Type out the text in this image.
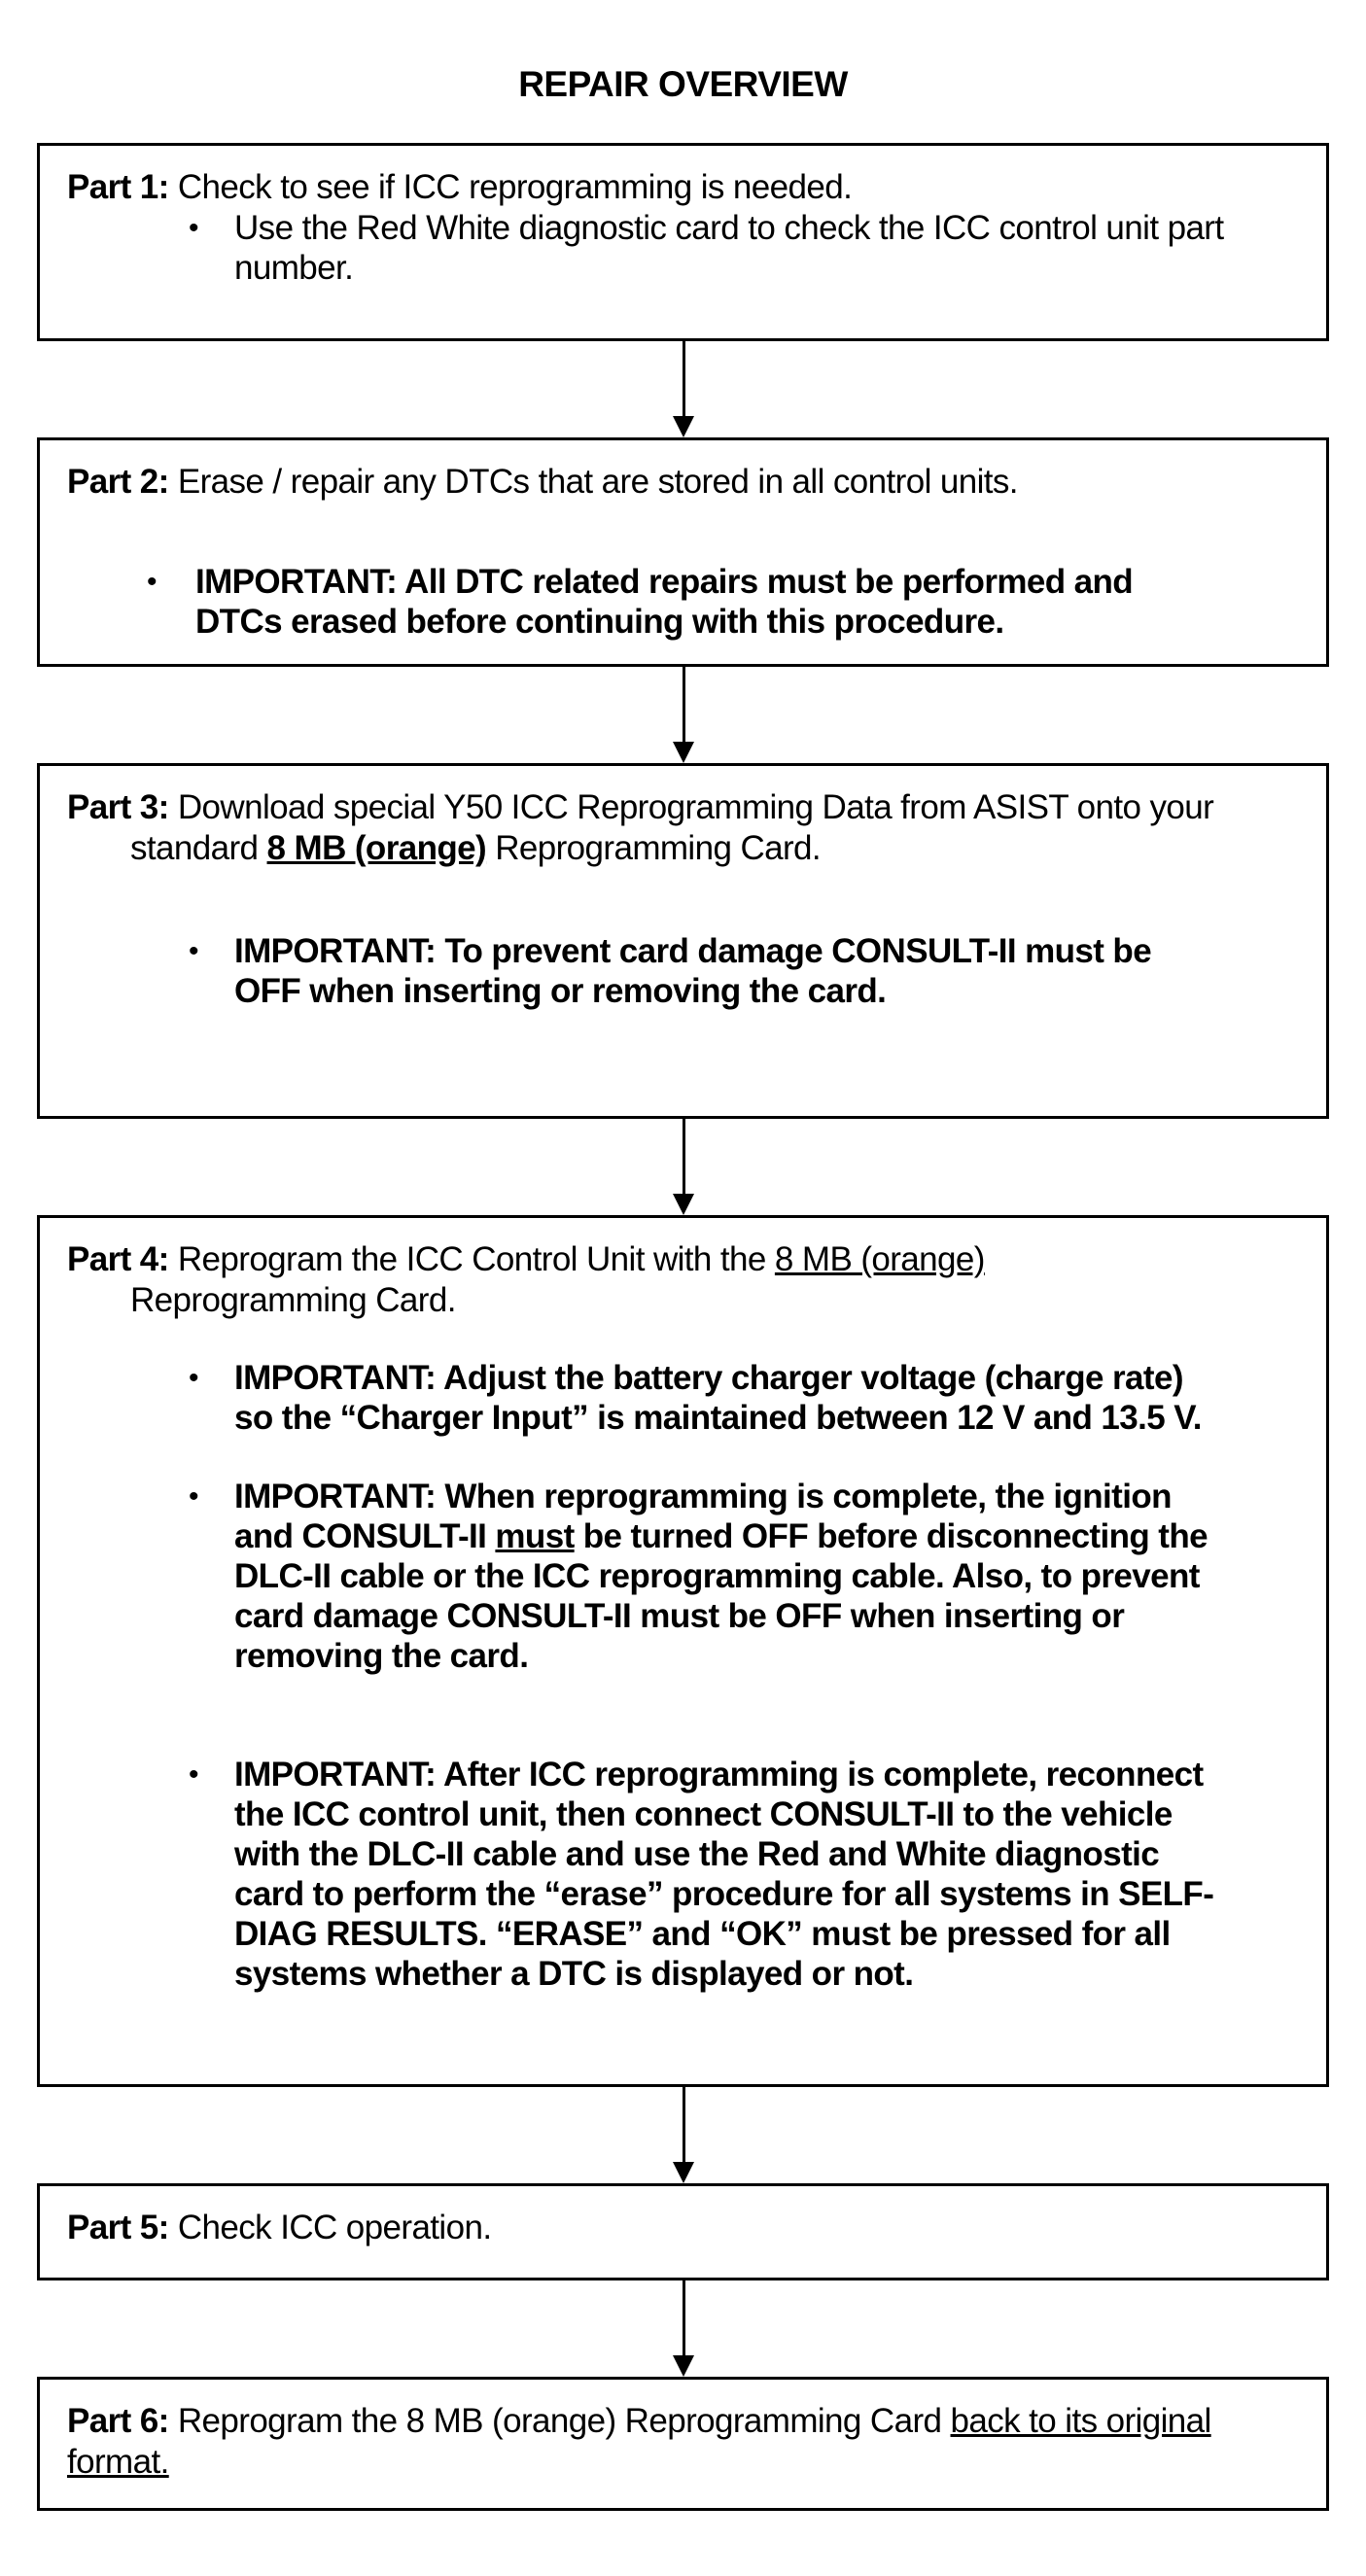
REPAIR OVERVIEW
Part 1: Check to see if ICC reprogramming is needed.
• Use the Red White diagnostic card to check the ICC control unit part
number.
Part 2: Erase / repair any DTCs that are stored in all control units.
• IMPORTANT: All DTC related repairs must be performed and
DTCs erased before continuing with this procedure.
Part 3: Download special Y50 ICC Reprogramming Data from ASIST onto your
standard 8 MB (orange) Reprogramming Card.
• IMPORTANT: To prevent card damage CONSULT-II must be
OFF when inserting or removing the card.
Part 4: Reprogram the ICC Control Unit with the 8 MB (orange)
Reprogramming Card.
• IMPORTANT: Adjust the battery charger voltage (charge rate)
so the “Charger Input” is maintained between 12 V and 13.5 V.
• IMPORTANT: When reprogramming is complete, the ignition
and CONSULT-II must be turned OFF before disconnecting the
DLC-II cable or the ICC reprogramming cable. Also, to prevent
card damage CONSULT-II must be OFF when inserting or
removing the card.
• IMPORTANT: After ICC reprogramming is complete, reconnect
the ICC control unit, then connect CONSULT-II to the vehicle
with the DLC-II cable and use the Red and White diagnostic
card to perform the “erase” procedure for all systems in SELF-
DIAG RESULTS. “ERASE” and “OK” must be pressed for all
systems whether a DTC is displayed or not.
Part 5: Check ICC operation.
Part 6: Reprogram the 8 MB (orange) Reprogramming Card back to its original
format.
